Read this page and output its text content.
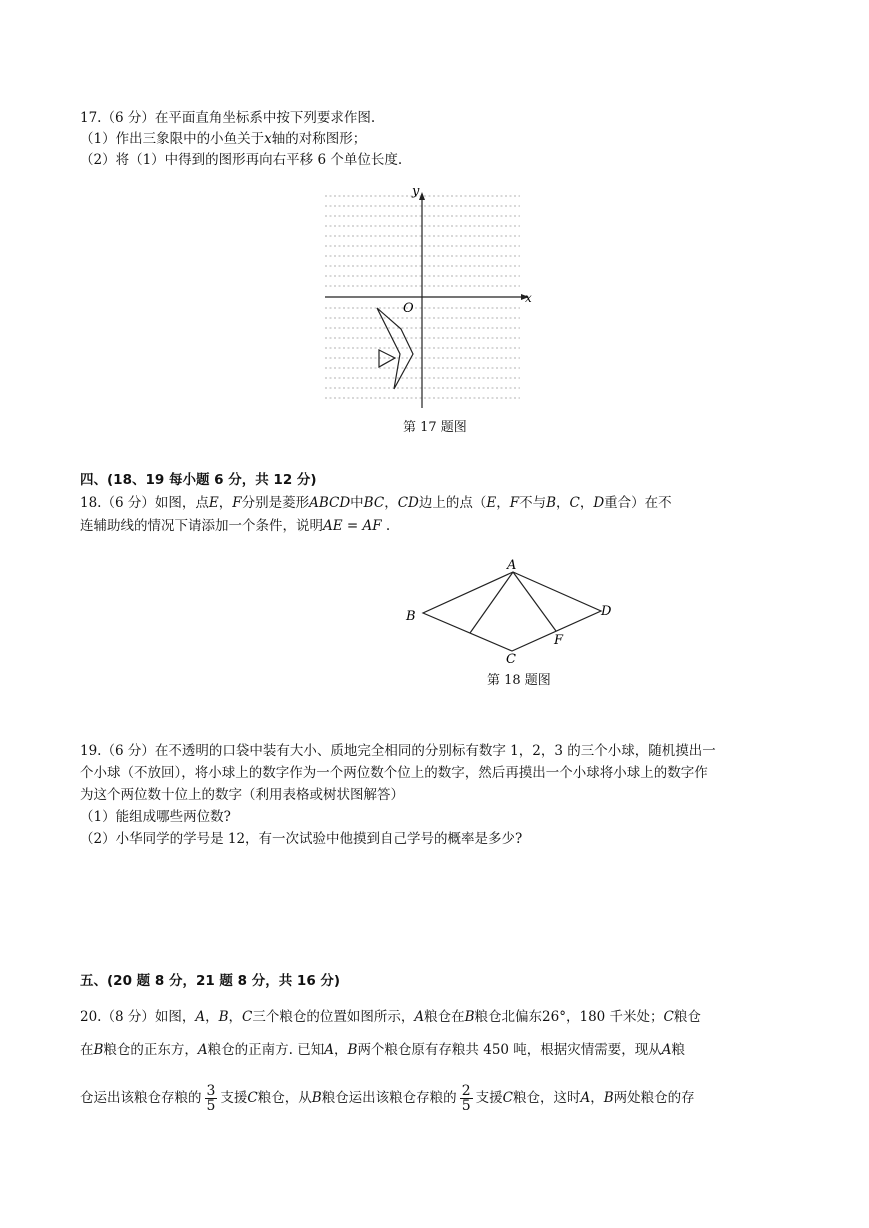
17.（6 分）在平面直角坐标系中按下列要求作图.
（1）作出三象限中的小鱼关于x轴的对称图形；
（2）将（1）中得到的图形再向右平移 6 个单位长度.
y
x
O
第 17 题图
四、(18、19 每小题 6 分，共 12 分)
18.（6 分）如图，点E，F分别是菱形ABCD中BC，CD边上的点（E，F不与B，C，D重合）在不
连辅助线的情况下请添加一个条件，说明AE = AF .
A
B
C
D
F
第 18 题图
19.（6 分）在不透明的口袋中装有大小、质地完全相同的分别标有数字 1，2，3 的三个小球，随机摸出一
个小球（不放回），将小球上的数字作为一个两位数个位上的数字，然后再摸出一个小球将小球上的数字作
为这个两位数十位上的数字（利用表格或树状图解答）
（1）能组成哪些两位数?
（2）小华同学的学号是 12，有一次试验中他摸到自己学号的概率是多少?
五、(20 题 8 分，21 题 8 分，共 16 分)
20.（8 分）如图，A，B，C三个粮仓的位置如图所示，A粮仓在B粮仓北偏东26°，180 千米处；C粮仓
在B粮仓的正东方，A粮仓的正南方. 已知A，B两个粮仓原有存粮共 450 吨，根据灾情需要，现从A粮
仓运出该粮仓存粮的 $\frac{3}{5}$ 支援C粮仓，从B粮仓运出该粮仓存粮的 $\frac{2}{5}$ 支援C粮仓，这时A，B两处粮仓的存
